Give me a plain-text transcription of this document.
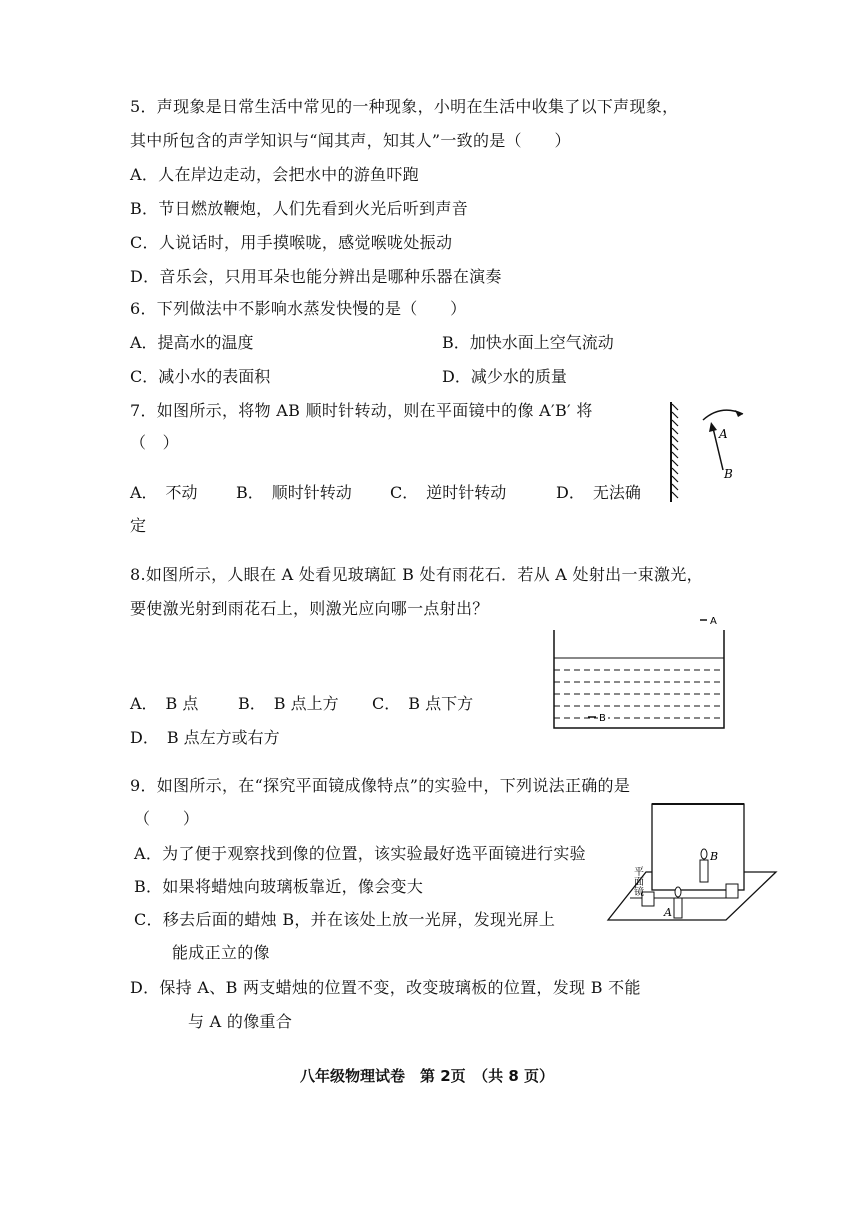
5．声现象是日常生活中常见的一种现象，小明在生活中收集了以下声现象，
其中所包含的声学知识与“闻其声，知其人”一致的是（　　）
A．人在岸边走动，会把水中的游鱼吓跑
B．节日燃放鞭炮，人们先看到火光后听到声音
C．人说话时，用手摸喉咙，感觉喉咙处振动
D．音乐会，只用耳朵也能分辨出是哪种乐器在演奏
6．下列做法中不影响水蒸发快慢的是（　　）
A．提高水的温度	B．加快水面上空气流动
C．减小水的表面积	D．减少水的质量
7．如图所示，将物 AB 顺时针转动，则在平面镜中的像 A′B′ 将
（　）
A．　不动 B．　顺时针转动 C．　逆时针转动	D．　无法确
定
A
B
8.如图所示，人眼在 A 处看见玻璃缸 B 处有雨花石．若从 A 处射出一束激光，
要使激光射到雨花石上，则激光应向哪一点射出？
A．　B 点 B．　B 点上方 C．　B 点下方
D．　B 点左方或右方
A
B
9．如图所示，在“探究平面镜成像特点”的实验中，下列说法正确的是
（　　）
A．为了便于观察找到像的位置，该实验最好选平面镜进行实验
B．如果将蜡烛向玻璃板靠近，像会变大
C．移去后面的蜡烛 B，并在该处上放一光屏，发现光屏上
能成正立的像
D．保持 A、B 两支蜡烛的位置不变，改变玻璃板的位置，发现 B 不能
与 A 的像重合
A
B
平面镜
八年级物理试卷　第 2页　（共 8 页）
